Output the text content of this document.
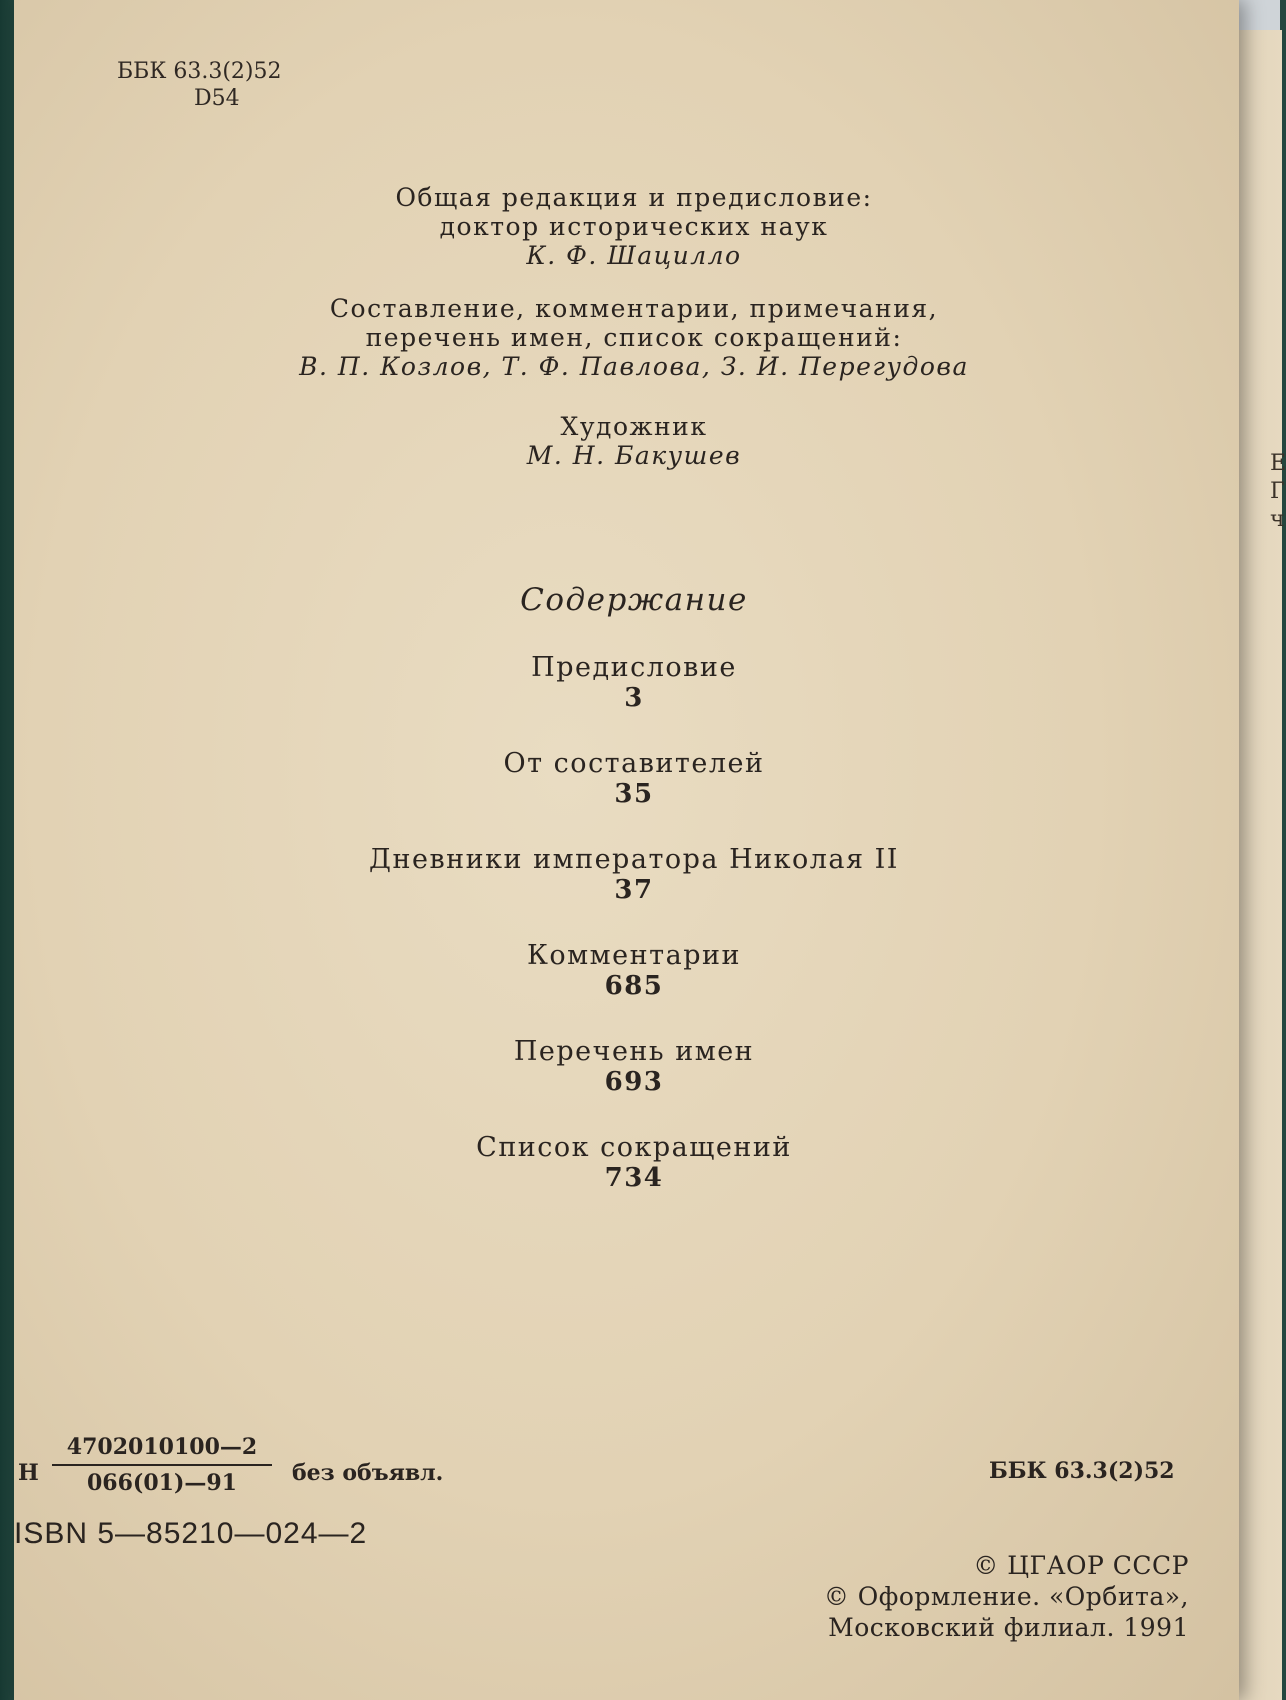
Е
Г
ч
ББК 63.3(2)52
D54
Общая редакция и предисловие:
доктор исторических наук
К. Ф. Шацилло
Составление, комментарии, примечания,
перечень имен, список сокращений:
В. П. Козлов, Т. Ф. Павлова, З. И. Перегудова
Художник
М. Н. Бакушев
Содержание
Предисловие
3
От составителей
35
Дневники императора Николая II
37
Комментарии
685
Перечень имен
693
Список сокращений
734
Н $\frac{4702010100—2}{066(01)—91}$ без объявл.
ISBN 5—85210—024—2
ББК 63.3(2)52
© ЦГАОР СССР
© Оформление. «Орбита»,
Московский филиал. 1991
